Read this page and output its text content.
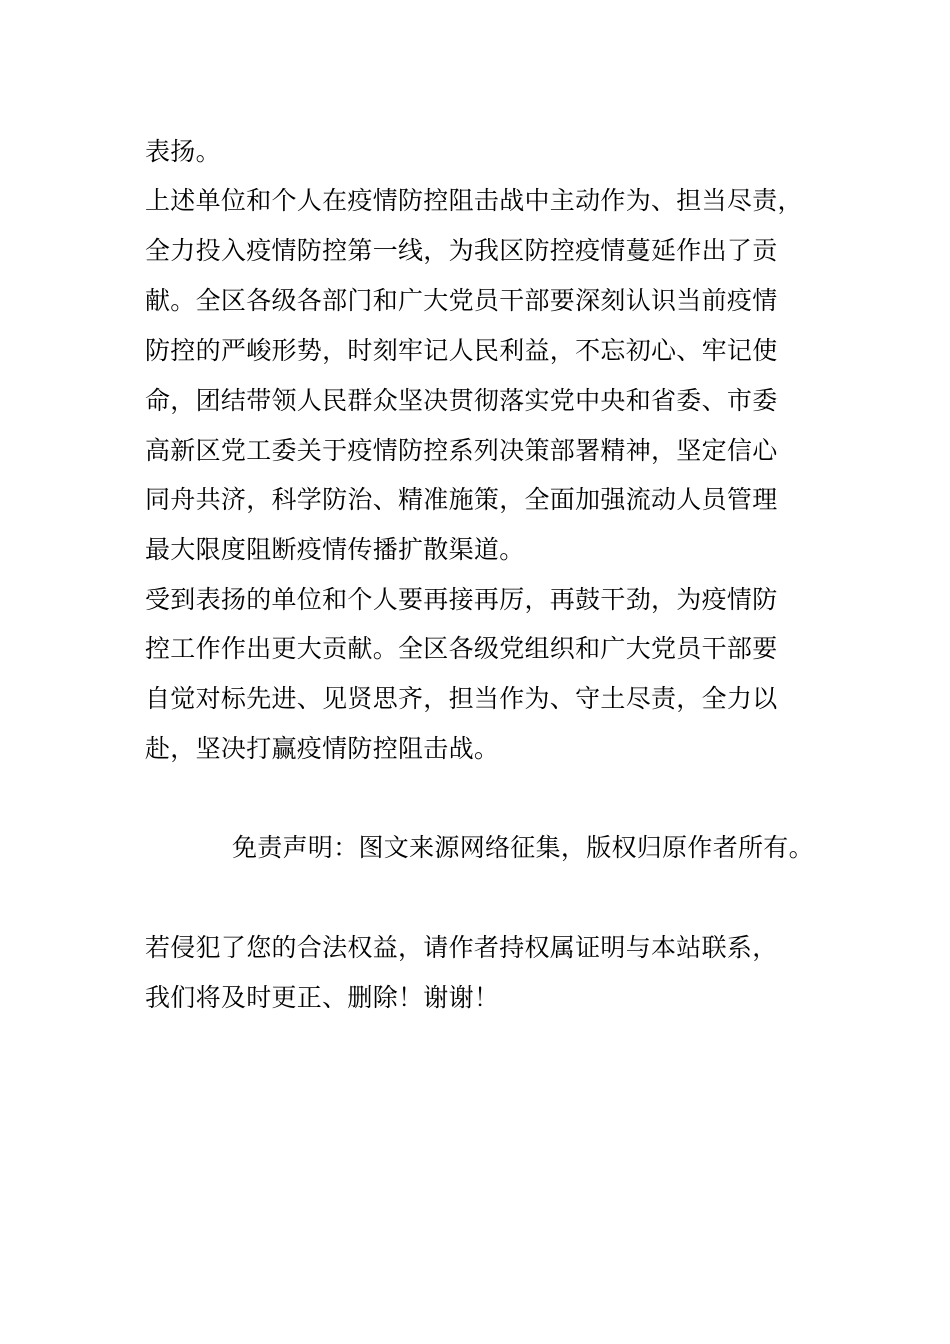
表扬。
上述单位和个人在疫情防控阻击战中主动作为、担当尽责，
全力投入疫情防控第一线，为我区防控疫情蔓延作出了贡
献。全区各级各部门和广大党员干部要深刻认识当前疫情
防控的严峻形势，时刻牢记人民利益，不忘初心、牢记使
命，团结带领人民群众坚决贯彻落实党中央和省委、市委
高新区党工委关于疫情防控系列决策部署精神，坚定信心
同舟共济，科学防治、精准施策，全面加强流动人员管理
最大限度阻断疫情传播扩散渠道。
受到表扬的单位和个人要再接再厉，再鼓干劲，为疫情防
控工作作出更大贡献。全区各级党组织和广大党员干部要
自觉对标先进、见贤思齐，担当作为、守土尽责，全力以
赴，坚决打赢疫情防控阻击战。
免责声明：图文来源网络征集，版权归原作者所有。
若侵犯了您的合法权益，请作者持权属证明与本站联系，
我们将及时更正、删除！谢谢！
